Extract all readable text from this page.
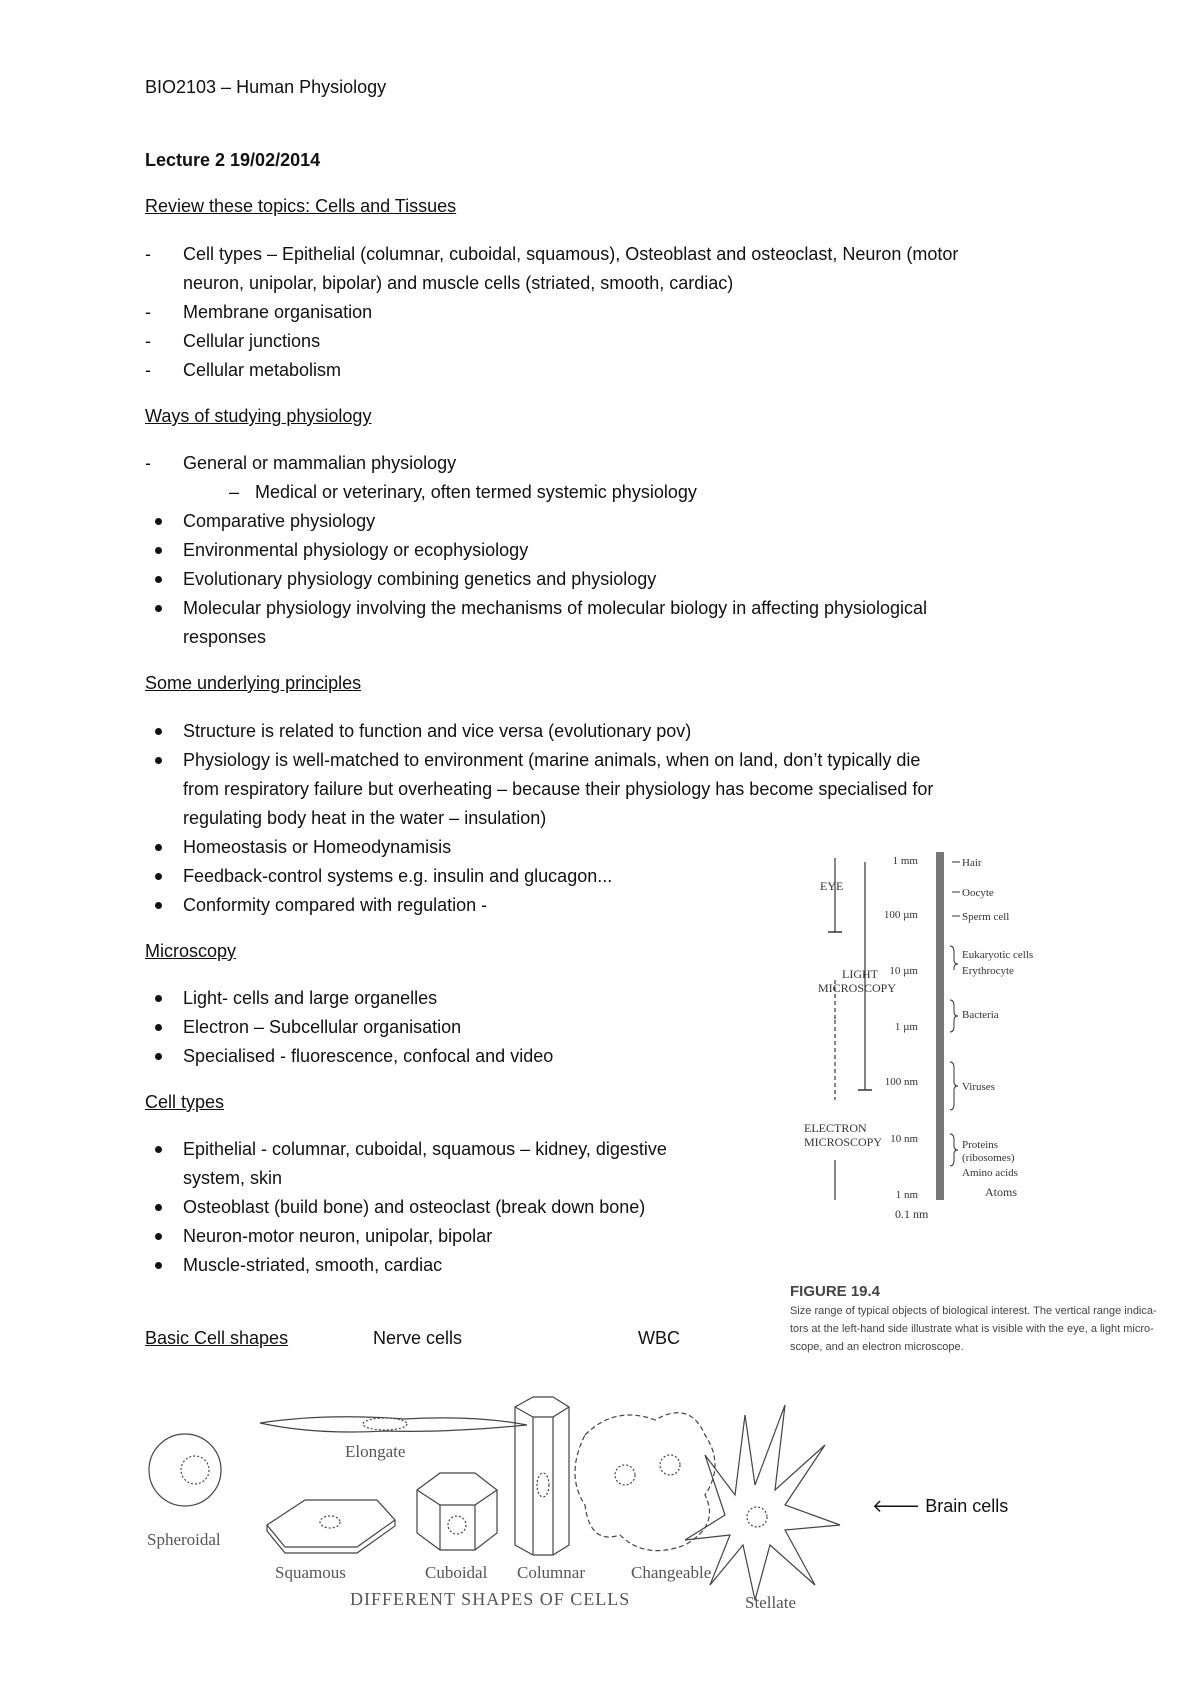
BIO2103 – Human Physiology
Lecture 2 19/02/2014
Review these topics: Cells and Tissues
- Cell types – Epithelial (columnar, cuboidal, squamous), Osteoblast and osteoclast, Neuron (motor
neuron, unipolar, bipolar) and muscle cells (striated, smooth, cardiac)
- Membrane organisation
- Cellular junctions
- Cellular metabolism
Ways of studying physiology
- General or mammalian physiology
– Medical or veterinary, often termed systemic physiology
Comparative physiology
Environmental physiology or ecophysiology
Evolutionary physiology combining genetics and physiology
Molecular physiology involving the mechanisms of molecular biology in affecting physiological
responses
Some underlying principles
Structure is related to function and vice versa (evolutionary pov)
Physiology is well-matched to environment (marine animals, when on land, don’t typically die
from respiratory failure but overheating – because their physiology has become specialised for
regulating body heat in the water – insulation)
Homeostasis or Homeodynamisis
Feedback-control systems e.g. insulin and glucagon...
Conformity compared with regulation -
Microscopy
Light- cells and large organelles
Electron – Subcellular organisation
Specialised - fluorescence, confocal and video
Cell types
Epithelial - columnar, cuboidal, squamous – kidney, digestive
system, skin
Osteoblast (build bone) and osteoclast (break down bone)
Neuron-motor neuron, unipolar, bipolar
Muscle-striated, smooth, cardiac
Basic Cell shapes	Nerve cells	WBC
EYE
LIGHT
MICROSCOPY
ELECTRON
MICROSCOPY
1 mm
100 µm
10 µm
1 µm
100 nm
10 nm
1 nm
Hair
Oocyte
Sperm cell
Eukaryotic cells
Erythrocyte
Bacteria
Viruses
Proteins
(ribosomes)
Amino acids
Atoms
0.1 nm
FIGURE 19.4
Size range of typical objects of biological interest. The vertical range indica-
tors at the left-hand side illustrate what is visible with the eye, a light micro-
scope, and an electron microscope.
Spheroidal
Elongate
Squamous	Cuboidal Columnar	Changeable
Stellate
DIFFERENT SHAPES OF CELLS
🡐 Brain cells
